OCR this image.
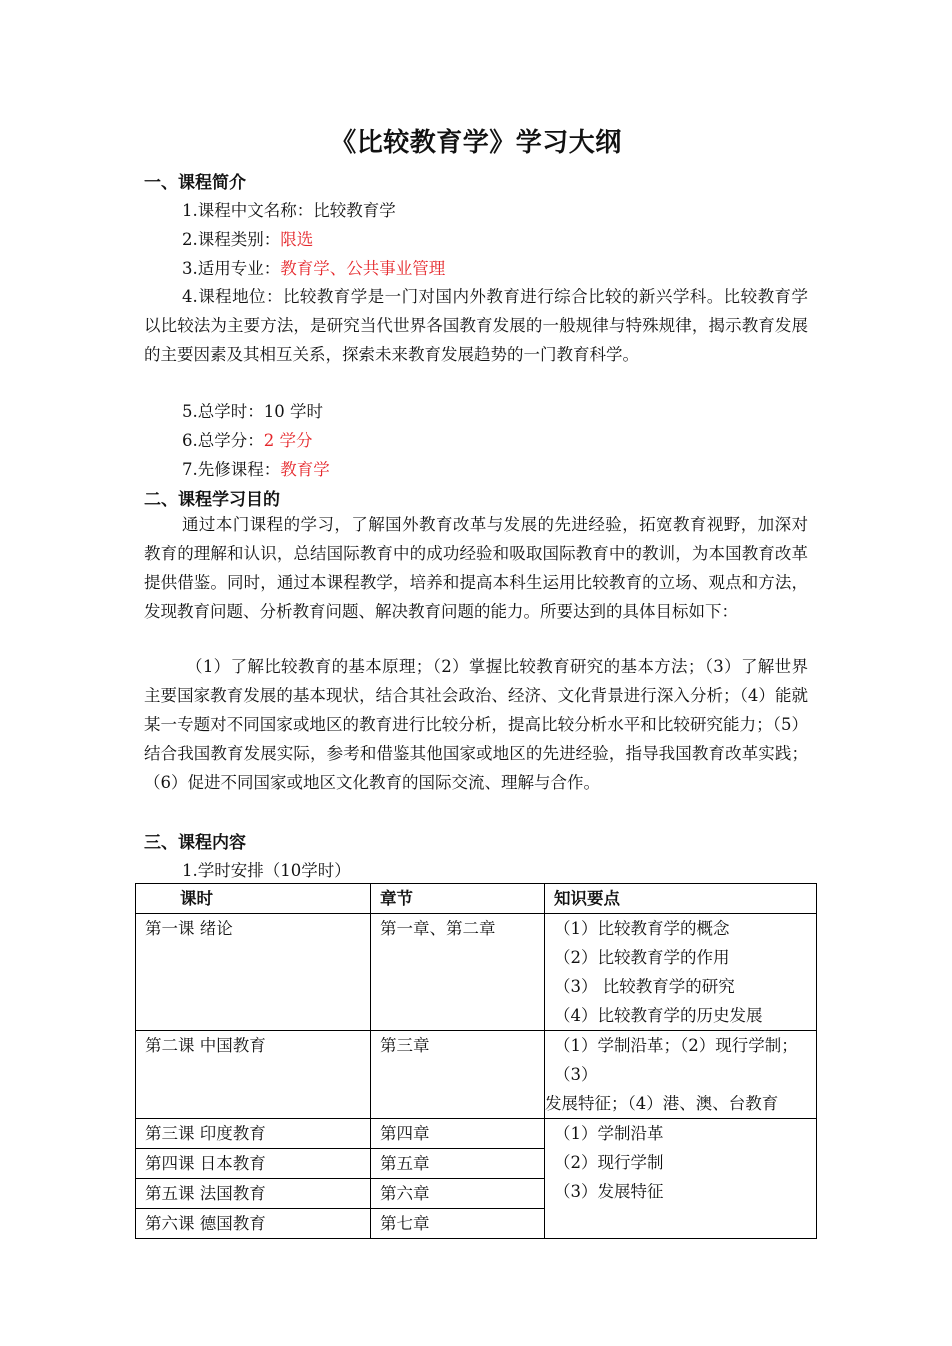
《比较教育学》学习大纲
一、课程简介
1.课程中文名称：比较教育学
2.课程类别：限选
3.适用专业：教育学、公共事业管理
4.课程地位：比较教育学是一门对国内外教育进行综合比较的新兴学科。比较教育学以比较法为主要方法，是研究当代世界各国教育发展的一般规律与特殊规律，揭示教育发展的主要因素及其相互关系，探索未来教育发展趋势的一门教育科学。
5.总学时：10 学时
6.总学分：2 学分
7.先修课程：教育学
二、课程学习目的
通过本门课程的学习，了解国外教育改革与发展的先进经验，拓宽教育视野，加深对教育的理解和认识，总结国际教育中的成功经验和吸取国际教育中的教训，为本国教育改革提供借鉴。同时，通过本课程教学，培养和提高本科生运用比较教育的立场、观点和方法，发现教育问题、分析教育问题、解决教育问题的能力。所要达到的具体目标如下：
（1）了解比较教育的基本原理；（2）掌握比较教育研究的基本方法；（3）了解世界主要国家教育发展的基本现状，结合其社会政治、经济、文化背景进行深入分析；（4）能就某一专题对不同国家或地区的教育进行比较分析，提高比较分析水平和比较研究能力；（5）结合我国教育发展实际，参考和借鉴其他国家或地区的先进经验，指导我国教育改革实践；（6）促进不同国家或地区文化教育的国际交流、理解与合作。
三、课程内容
1.学时安排（10学时）
课时	章节	知识要点
第一课 绪论	第一章、第二章	（1）比较教育学的概念
（2）比较教育学的作用
（3） 比较教育学的研究
（4）比较教育学的历史发展

第二课 中国教育	第三章	（1）学制沿革；（2）现行学制；（3）
发展特征；（4）港、澳、台教育

第三课 印度教育	第四章	（1）学制沿革
（2）现行学制
（3）发展特征

第四课 日本教育	第五章	
第五课 法国教育	第六章	
第六课 德国教育	第七章	
